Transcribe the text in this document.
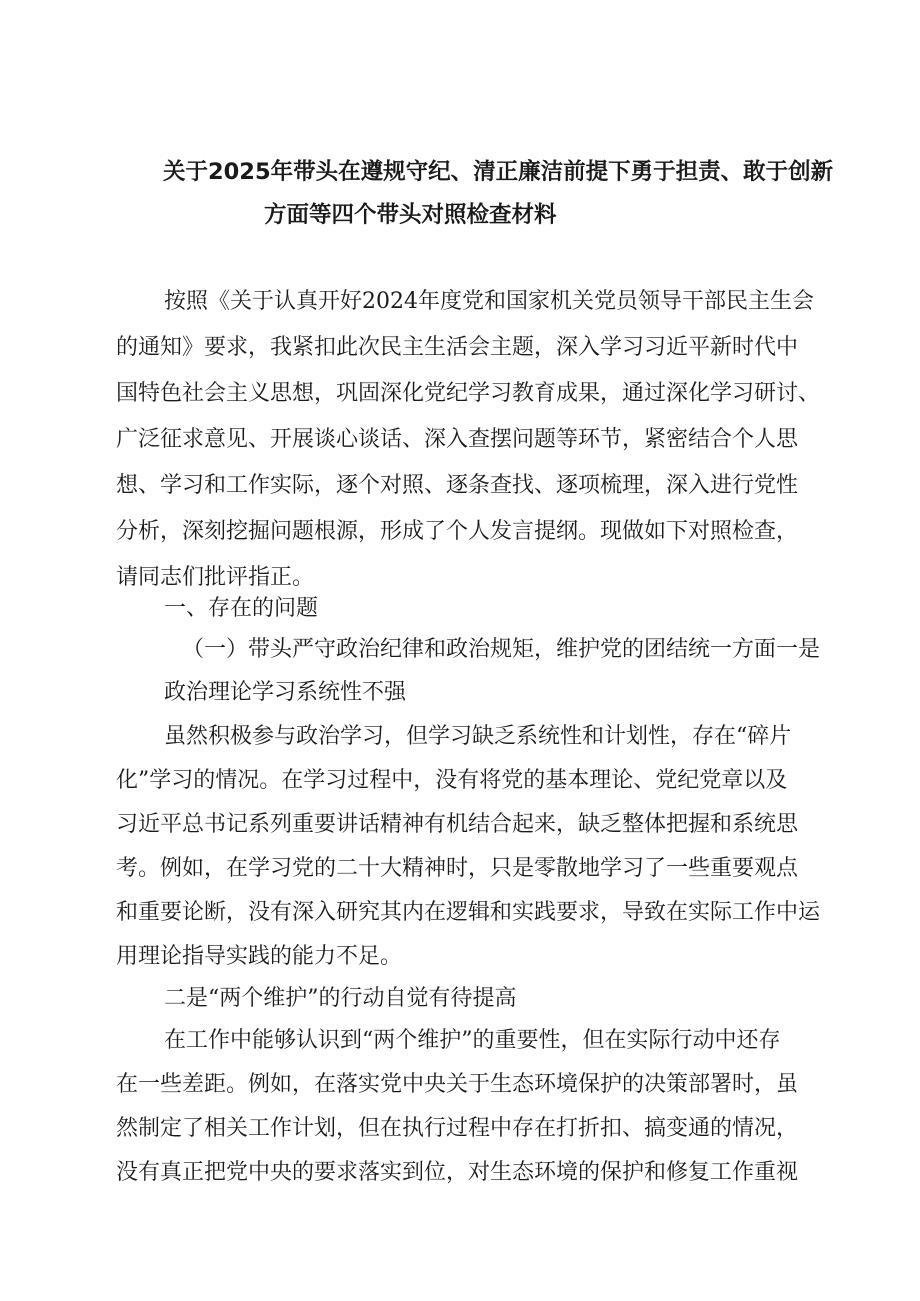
关于2025年带头在遵规守纪、清正廉洁前提下勇于担责、敢于创新
方面等四个带头对照检查材料
按照《关于认真开好2024年度党和国家机关党员领导干部民主生会
的通知》要求，我紧扣此次民主生活会主题，深入学习习近平新时代中
国特色社会主义思想，巩固深化党纪学习教育成果，通过深化学习研讨、
广泛征求意见、开展谈心谈话、深入查摆问题等环节，紧密结合个人思
想、学习和工作实际，逐个对照、逐条查找、逐项梳理，深入进行党性
分析，深刻挖掘问题根源，形成了个人发言提纲。现做如下对照检查，
请同志们批评指正。
一、存在的问题
（一）带头严守政治纪律和政治规矩，维护党的团结统一方面一是
政治理论学习系统性不强
虽然积极参与政治学习，但学习缺乏系统性和计划性，存在“碎片
化”学习的情况。在学习过程中，没有将党的基本理论、党纪党章以及
习近平总书记系列重要讲话精神有机结合起来，缺乏整体把握和系统思
考。例如，在学习党的二十大精神时，只是零散地学习了一些重要观点
和重要论断，没有深入研究其内在逻辑和实践要求，导致在实际工作中运
用理论指导实践的能力不足。
二是“两个维护”的行动自觉有待提高
在工作中能够认识到“两个维护”的重要性，但在实际行动中还存
在一些差距。例如，在落实党中央关于生态环境保护的决策部署时，虽
然制定了相关工作计划，但在执行过程中存在打折扣、搞变通的情况，
没有真正把党中央的要求落实到位，对生态环境的保护和修复工作重视
